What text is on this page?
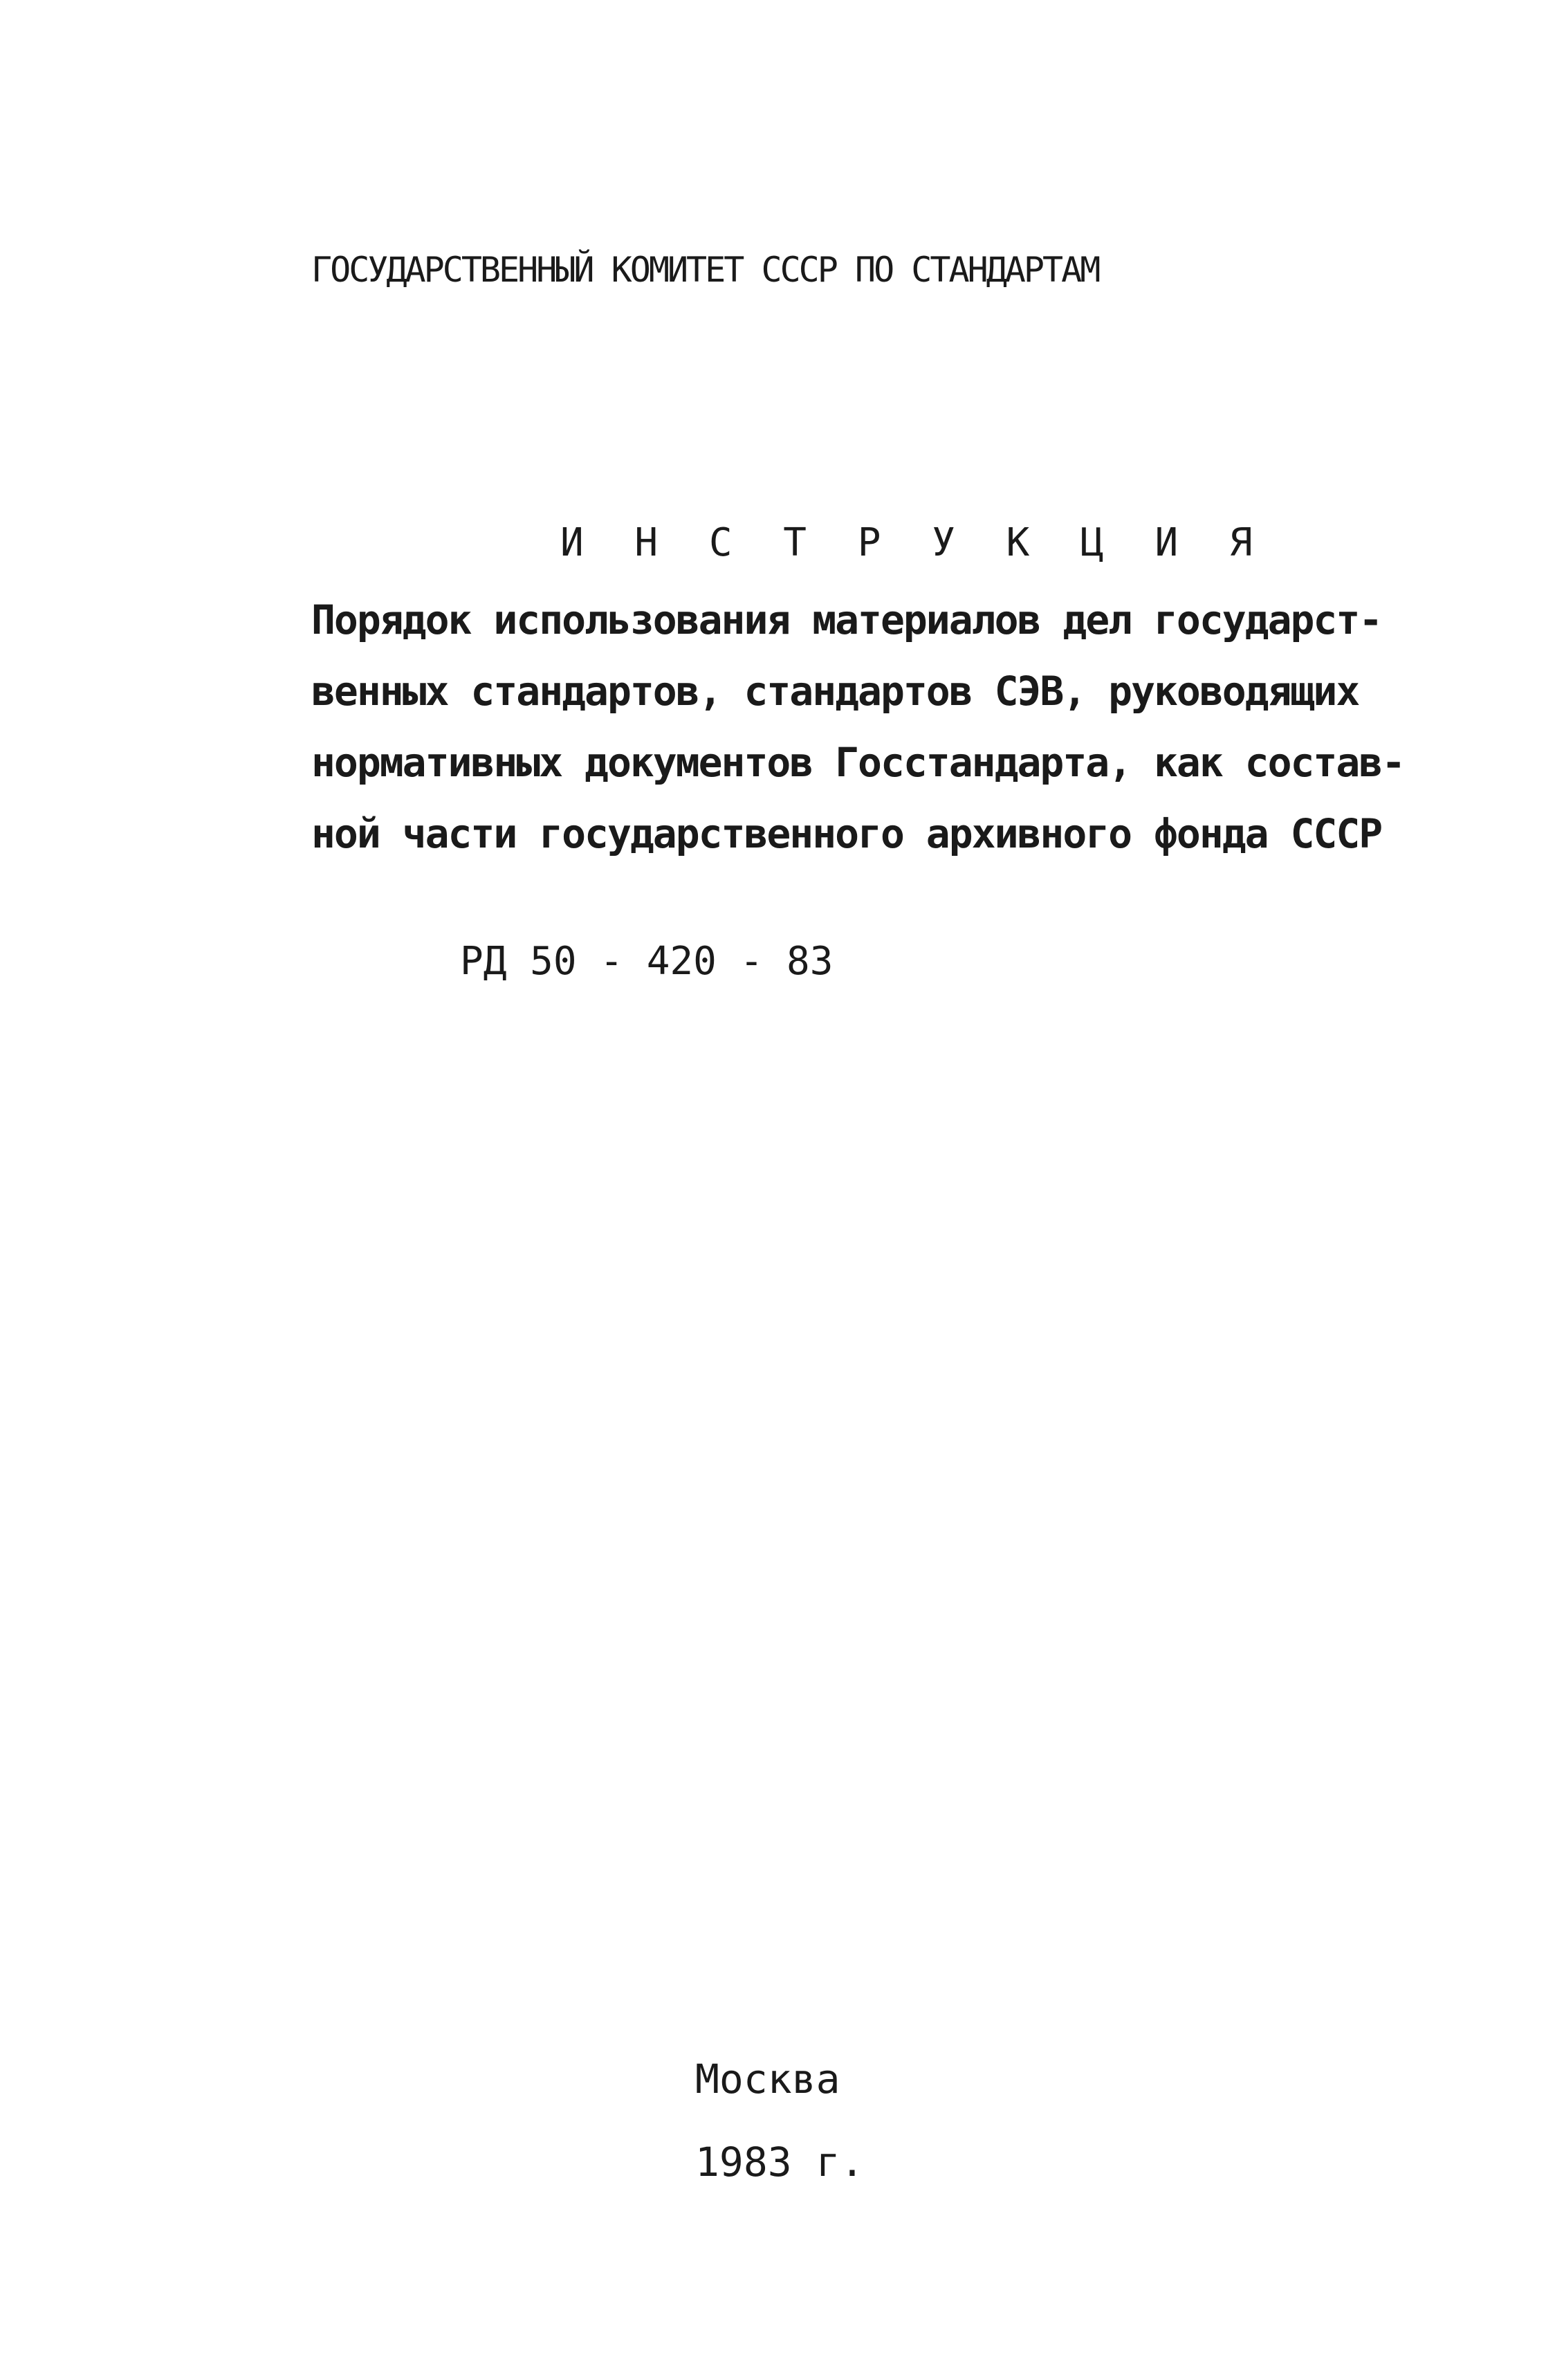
ГОСУДАРСТВЕННЫЙ КОМИТЕТ СССР ПО СТАНДАРТАМ
И Н С Т Р У К Ц И Я
Порядок использования материалов дел государст-
венных стандартов, стандартов СЭВ, руководящих
нормативных документов Госстандарта, как состав-
ной части государственного архивного фонда СССР
РД 50 - 420 - 83
Москва
1983 г.
